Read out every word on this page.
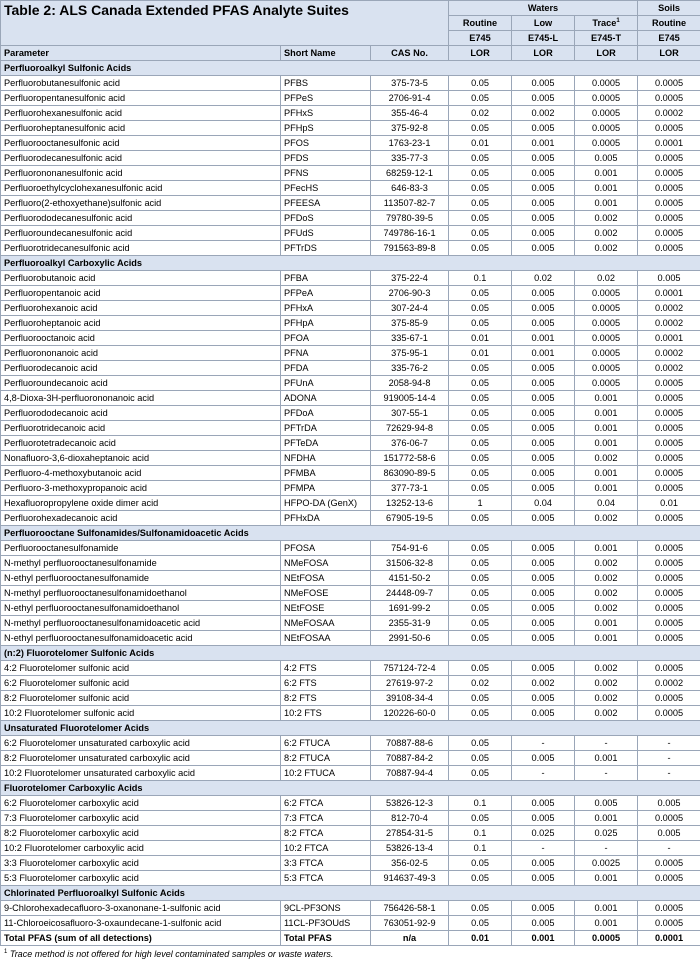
Table 2: ALS Canada Extended PFAS Analyte Suites			Waters			Soils
			Routine	Low	Trace$^1$	Routine
			E745	E745-L	E745-T	E745
Parameter	Short Name	CAS No.	LOR	LOR	LOR	LOR
Perfluoroalkyl Sulfonic Acids						
Perfluorobutanesulfonic acid	PFBS	375-73-5	0.05	0.005	0.0005	0.0005
Perfluoropentanesulfonic acid	PFPeS	2706-91-4	0.05	0.005	0.0005	0.0005
Perfluorohexanesulfonic acid	PFHxS	355-46-4	0.02	0.002	0.0005	0.0002
Perfluoroheptanesulfonic acid	PFHpS	375-92-8	0.05	0.005	0.0005	0.0005
Perfluorooctanesulfonic acid	PFOS	1763-23-1	0.01	0.001	0.0005	0.0001
Perfluorodecanesulfonic acid	PFDS	335-77-3	0.05	0.005	0.005	0.0005
Perfluorononanesulfonic acid	PFNS	68259-12-1	0.05	0.005	0.001	0.0005
Perfluoroethylcyclohexanesulfonic acid	PFecHS	646-83-3	0.05	0.005	0.001	0.0005
Perfluoro(2-ethoxyethane)sulfonic acid	PFEESA	113507-82-7	0.05	0.005	0.001	0.0005
Perfluorododecanesulfonic acid	PFDoS	79780-39-5	0.05	0.005	0.002	0.0005
Perfluoroundecanesulfonic acid	PFUdS	749786-16-1	0.05	0.005	0.002	0.0005
Perfluorotridecanesulfonic acid	PFTrDS	791563-89-8	0.05	0.005	0.002	0.0005
Perfluoroalkyl Carboxylic Acids						
Perfluorobutanoic acid	PFBA	375-22-4	0.1	0.02	0.02	0.005
Perfluoropentanoic acid	PFPeA	2706-90-3	0.05	0.005	0.0005	0.0001
Perfluorohexanoic acid	PFHxA	307-24-4	0.05	0.005	0.0005	0.0002
Perfluoroheptanoic acid	PFHpA	375-85-9	0.05	0.005	0.0005	0.0002
Perfluorooctanoic acid	PFOA	335-67-1	0.01	0.001	0.0005	0.0001
Perfluorononanoic acid	PFNA	375-95-1	0.01	0.001	0.0005	0.0002
Perfluorodecanoic acid	PFDA	335-76-2	0.05	0.005	0.0005	0.0002
Perfluoroundecanoic acid	PFUnA	2058-94-8	0.05	0.005	0.0005	0.0005
4,8-Dioxa-3H-perfluorononanoic acid	ADONA	919005-14-4	0.05	0.005	0.001	0.0005
Perfluorododecanoic acid	PFDoA	307-55-1	0.05	0.005	0.001	0.0005
Perfluorotridecanoic acid	PFTrDA	72629-94-8	0.05	0.005	0.001	0.0005
Perfluorotetradecanoic acid	PFTeDA	376-06-7	0.05	0.005	0.001	0.0005
Nonafluoro-3,6-dioxaheptanoic acid	NFDHA	151772-58-6	0.05	0.005	0.002	0.0005
Perfluoro-4-methoxybutanoic acid	PFMBA	863090-89-5	0.05	0.005	0.001	0.0005
Perfluoro-3-methoxypropanoic acid	PFMPA	377-73-1	0.05	0.005	0.001	0.0005
Hexafluoropropylene oxide dimer acid	HFPO-DA (GenX)	13252-13-6	1	0.04	0.04	0.01
Perfluorohexadecanoic acid	PFHxDA	67905-19-5	0.05	0.005	0.002	0.0005
Perfluorooctane Sulfonamides/Sulfonamidoacetic Acids						
Perfluorooctanesulfonamide	PFOSA	754-91-6	0.05	0.005	0.001	0.0005
N-methyl perfluorooctanesulfonamide	NMeFOSA	31506-32-8	0.05	0.005	0.002	0.0005
N-ethyl perfluorooctanesulfonamide	NEtFOSA	4151-50-2	0.05	0.005	0.002	0.0005
N-methyl perfluorooctanesulfonamidoethanol	NMeFOSE	24448-09-7	0.05	0.005	0.002	0.0005
N-ethyl perfluorooctanesulfonamidoethanol	NEtFOSE	1691-99-2	0.05	0.005	0.002	0.0005
N-methyl perfluorooctanesulfonamidoacetic acid	NMeFOSAA	2355-31-9	0.05	0.005	0.001	0.0005
N-ethyl perfluorooctanesulfonamidoacetic acid	NEtFOSAA	2991-50-6	0.05	0.005	0.001	0.0005
(n:2) Fluorotelomer Sulfonic Acids						
4:2 Fluorotelomer sulfonic acid	4:2 FTS	757124-72-4	0.05	0.005	0.002	0.0005
6:2 Fluorotelomer sulfonic acid	6:2 FTS	27619-97-2	0.02	0.002	0.002	0.0002
8:2 Fluorotelomer sulfonic acid	8:2 FTS	39108-34-4	0.05	0.005	0.002	0.0005
10:2 Fluorotelomer sulfonic acid	10:2 FTS	120226-60-0	0.05	0.005	0.002	0.0005
Unsaturated Fluorotelomer Acids						
6:2 Fluorotelomer unsaturated carboxylic acid	6:2 FTUCA	70887-88-6	0.05	-	-	-
8:2 Fluorotelomer unsaturated carboxylic acid	8:2 FTUCA	70887-84-2	0.05	0.005	0.001	-
10:2 Fluorotelomer unsaturated carboxylic acid	10:2 FTUCA	70887-94-4	0.05	-	-	-
Fluorotelomer Carboxylic Acids						
6:2 Fluorotelomer carboxylic acid	6:2 FTCA	53826-12-3	0.1	0.005	0.005	0.005
7:3 Fluorotelomer carboxylic acid	7:3 FTCA	812-70-4	0.05	0.005	0.001	0.0005
8:2 Fluorotelomer carboxylic acid	8:2 FTCA	27854-31-5	0.1	0.025	0.025	0.005
10:2 Fluorotelomer carboxylic acid	10:2 FTCA	53826-13-4	0.1	-	-	-
3:3 Fluorotelomer carboxylic acid	3:3 FTCA	356-02-5	0.05	0.005	0.0025	0.0005
5:3 Fluorotelomer carboxylic acid	5:3 FTCA	914637-49-3	0.05	0.005	0.001	0.0005
Chlorinated Perfluoroalkyl Sulfonic Acids						
9-Chlorohexadecafluoro-3-oxanonane-1-sulfonic acid	9CL-PF3ONS	756426-58-1	0.05	0.005	0.001	0.0005
11-Chloroeicosafluoro-3-oxaundecane-1-sulfonic acid	11CL-PF3OUdS	763051-92-9	0.05	0.005	0.001	0.0005
Total PFAS (sum of all detections)	Total PFAS	n/a	0.01	0.001	0.0005	0.0001
$^1$ Trace method is not offered for high level contaminated samples or waste waters.
